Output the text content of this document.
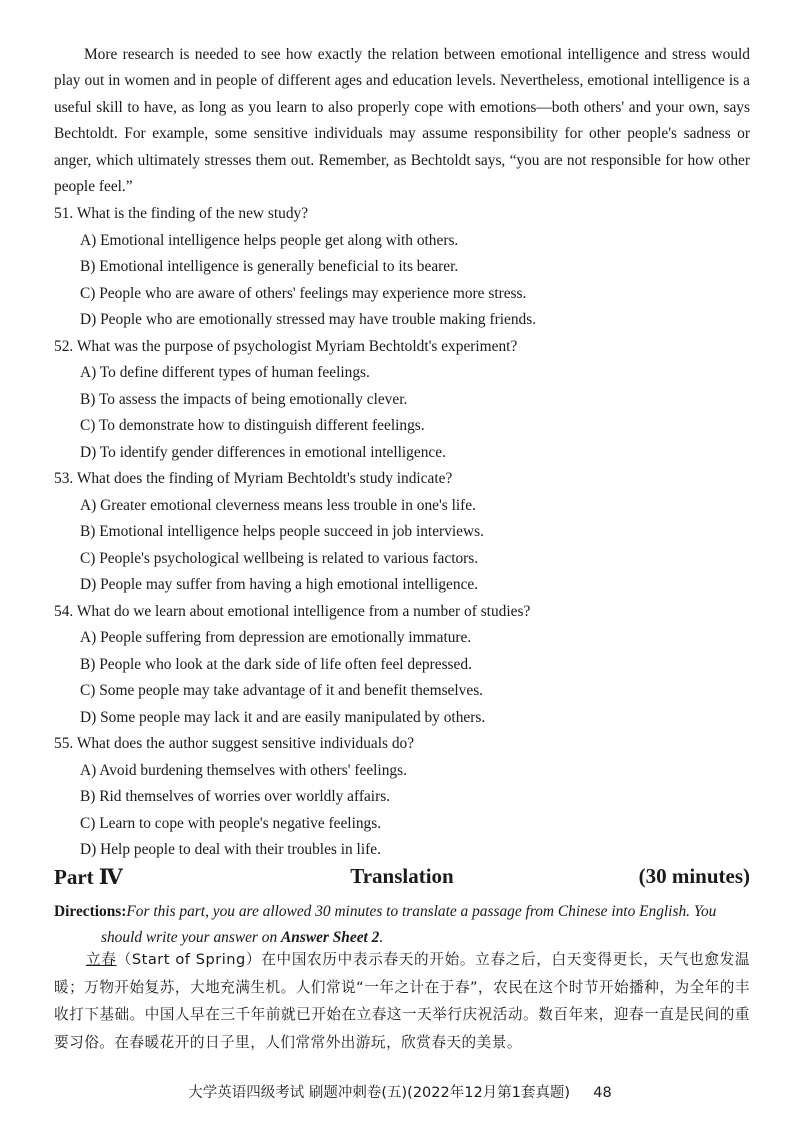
More research is needed to see how exactly the relation between emotional intelligence and stress would play out in women and in people of different ages and education levels. Nevertheless, emotional intelligence is a useful skill to have, as long as you learn to also properly cope with emotions—both others' and your own, says Bechtoldt. For example, some sensitive individuals may assume responsibility for other people's sadness or anger, which ultimately stresses them out. Remember, as Bechtoldt says, “you are not responsible for how other people feel.”

51. What is the finding of the new study?
A) Emotional intelligence helps people get along with others.
B) Emotional intelligence is generally beneficial to its bearer.
C) People who are aware of others' feelings may experience more stress.
D) People who are emotionally stressed may have trouble making friends.
52. What was the purpose of psychologist Myriam Bechtoldt's experiment?
A) To define different types of human feelings.
B) To assess the impacts of being emotionally clever.
C) To demonstrate how to distinguish different feelings.
D) To identify gender differences in emotional intelligence.
53. What does the finding of Myriam Bechtoldt's study indicate?
A) Greater emotional cleverness means less trouble in one's life.
B) Emotional intelligence helps people succeed in job interviews.
C) People's psychological wellbeing is related to various factors.
D) People may suffer from having a high emotional intelligence.
54. What do we learn about emotional intelligence from a number of studies?
A) People suffering from depression are emotionally immature.
B) People who look at the dark side of life often feel depressed.
C) Some people may take advantage of it and benefit themselves.
D) Some people may lack it and are easily manipulated by others.
55. What does the author suggest sensitive individuals do?
A) Avoid burdening themselves with others' feelings.
B) Rid themselves of worries over worldly affairs.
C) Learn to cope with people's negative feelings.
D) Help people to deal with their troubles in life.
Translation
Part Ⅳ	(30 minutes)
Directions:For this part, you are allowed 30 minutes to translate a passage from Chinese into English. You
should write your answer on Answer Sheet 2.

立春（Start of Spring）在中国农历中表示春天的开始。立春之后，白天变得更长，天气也愈发温暖；万物开始复苏，大地充满生机。人们常说“一年之计在于春”，农民在这个时节开始播种，为全年的丰收打下基础。中国人早在三千年前就已开始在立春这一天举行庆祝活动。数百年来，迎春一直是民间的重要习俗。在春暖花开的日子里，人们常常外出游玩，欣赏春天的美景。

大学英语四级考试 刷题冲刺卷(五)(2022年12月第1套真题) 48
